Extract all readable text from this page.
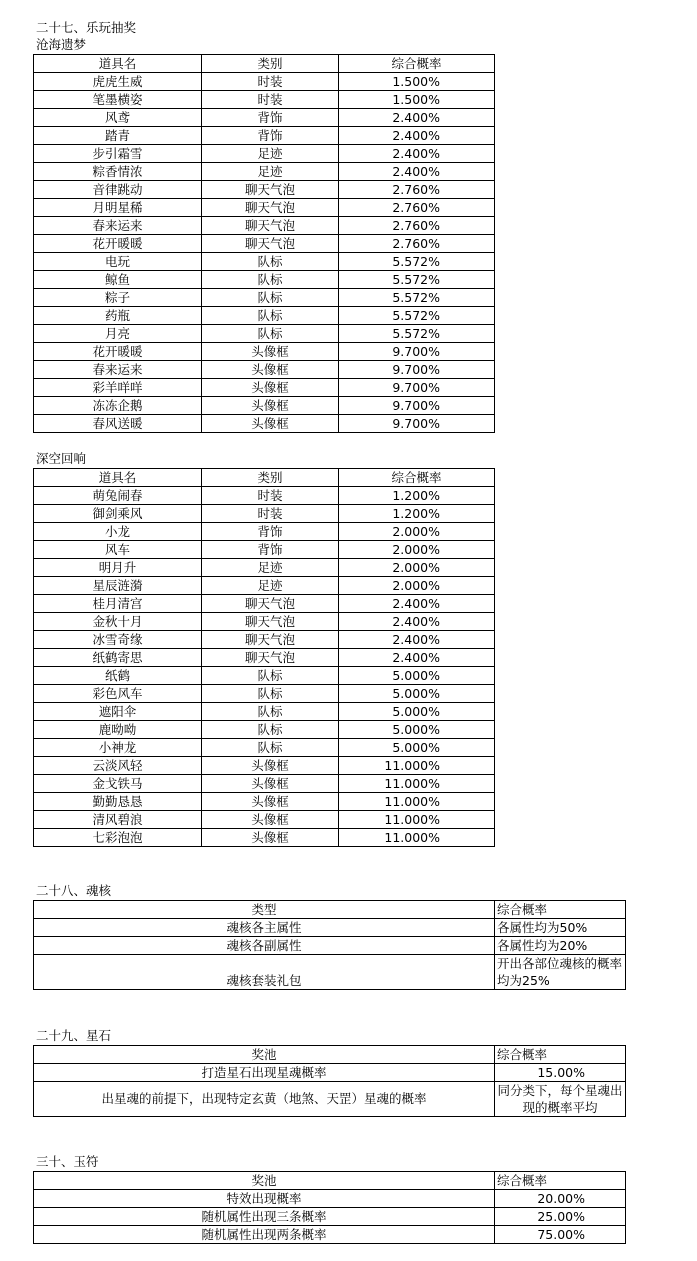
二十七、乐玩抽奖
沧海遗梦
道具名	类别	综合概率
虎虎生威	时装	1.500%
笔墨横姿	时装	1.500%
风鸢	背饰	2.400%
踏青	背饰	2.400%
步引霜雪	足迹	2.400%
粽香情浓	足迹	2.400%
音律跳动	聊天气泡	2.760%
月明星稀	聊天气泡	2.760%
春来运来	聊天气泡	2.760%
花开暖暖	聊天气泡	2.760%
电玩	队标	5.572%
鲸鱼	队标	5.572%
粽子	队标	5.572%
药瓶	队标	5.572%
月亮	队标	5.572%
花开暖暖	头像框	9.700%
春来运来	头像框	9.700%
彩羊咩咩	头像框	9.700%
冻冻企鹅	头像框	9.700%
春风送暖	头像框	9.700%
深空回响
道具名	类别	综合概率
萌兔闹春	时装	1.200%
御剑乘风	时装	1.200%
小龙	背饰	2.000%
风车	背饰	2.000%
明月升	足迹	2.000%
星辰涟漪	足迹	2.000%
桂月清宫	聊天气泡	2.400%
金秋十月	聊天气泡	2.400%
冰雪奇缘	聊天气泡	2.400%
纸鹤寄思	聊天气泡	2.400%
纸鹤	队标	5.000%
彩色风车	队标	5.000%
遮阳伞	队标	5.000%
鹿呦呦	队标	5.000%
小神龙	队标	5.000%
云淡风轻	头像框	11.000%
金戈铁马	头像框	11.000%
勤勤恳恳	头像框	11.000%
清风碧浪	头像框	11.000%
七彩泡泡	头像框	11.000%
二十八、魂核
类型	综合概率
魂核各主属性	各属性均为50%
魂核各副属性	各属性均为20%
魂核套装礼包	开出各部位魂核的概率均为25%
二十九、星石
奖池	综合概率
打造星石出现星魂概率	15.00%
出星魂的前提下，出现特定玄黄（地煞、天罡）星魂的概率	同分类下，每个星魂出现的概率平均
三十、玉符
奖池	综合概率
特效出现概率	20.00%
随机属性出现三条概率	25.00%
随机属性出现两条概率	75.00%
